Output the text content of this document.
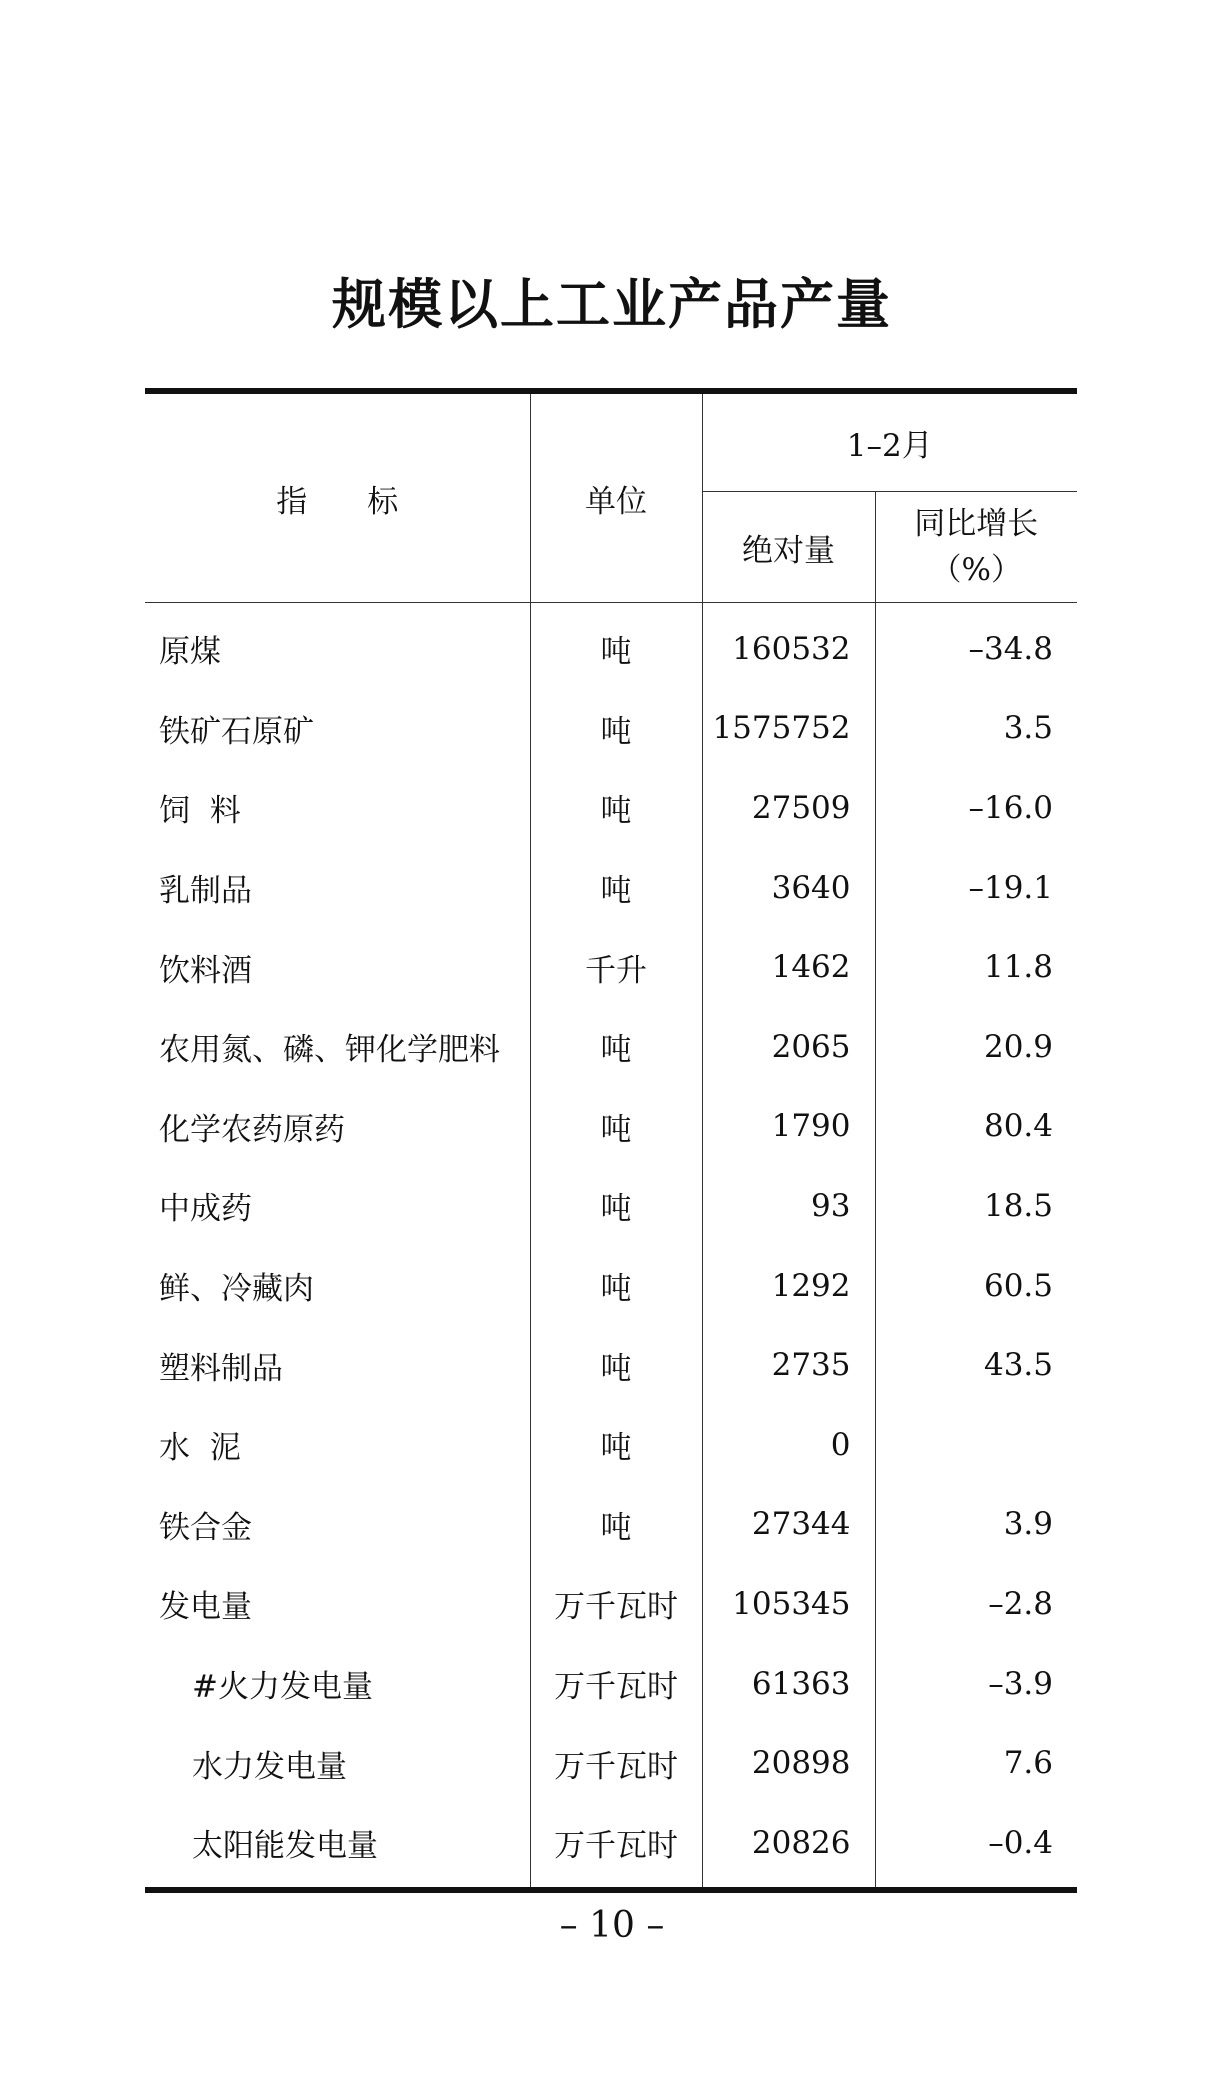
规模以上工业产品产量
指标	单位	1–2月	
		绝对量	同比增长
（%）

原煤	吨	160532	–34.8
铁矿石原矿	吨	1575752	3.5
饲  料	吨	27509	–16.0
乳制品	吨	3640	–19.1
饮料酒	千升	1462	11.8
农用氮、磷、钾化学肥料	吨	2065	20.9
化学农药原药	吨	1790	80.4
中成药	吨	93	18.5
鲜、冷藏肉	吨	1292	60.5
塑料制品	吨	2735	43.5
水  泥	吨	0	
铁合金	吨	27344	3.9
发电量	万千瓦时	105345	–2.8
#火力发电量	万千瓦时	61363	–3.9
水力发电量	万千瓦时	20898	7.6
太阳能发电量	万千瓦时	20826	–0.4
– 10 –
